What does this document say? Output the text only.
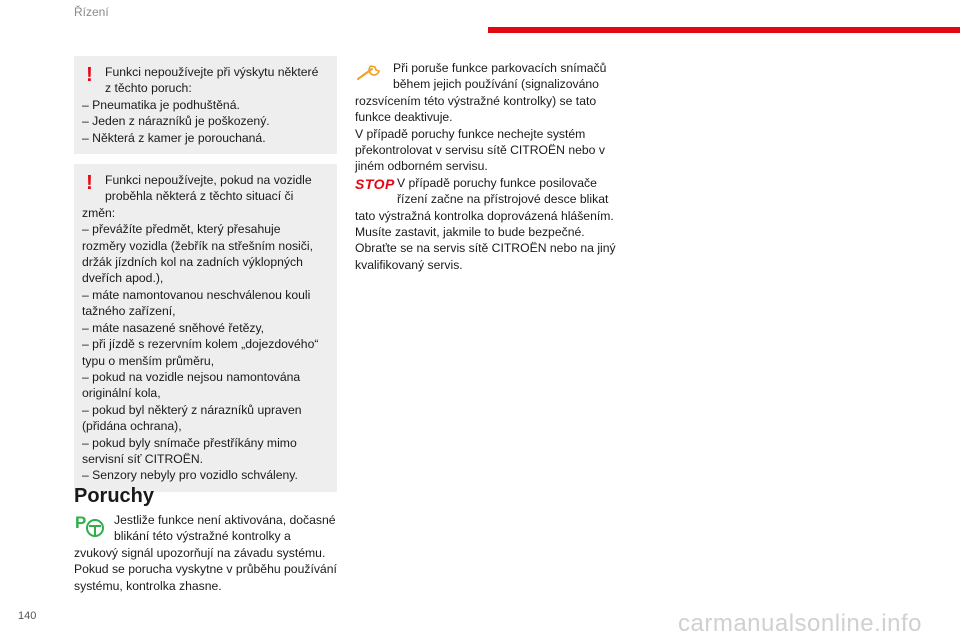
Řízení
! Funkci nepoužívejte při výskytu některé z těchto poruch:

– Pneumatika je podhuštěná.

– Jeden z nárazníků je poškozený.

– Některá z kamer je porouchaná.

! Funkci nepoužívejte, pokud na vozidle proběhla některá z těchto situací či změn:

– převážíte předmět, který přesahuje rozměry vozidla (žebřík na střešním nosiči, držák jízdních kol na zadních výklopných dveřích apod.),

– máte namontovanou neschválenou kouli tažného zařízení,

– máte nasazené sněhové řetězy,

– při jízdě s rezervním kolem „dojezdového“ typu o menším průměru,

– pokud na vozidle nejsou namontována originální kola,

– pokud byl některý z nárazníků upraven (přidána ochrana),

– pokud byly snímače přestříkány mimo servisní síť CITROËN.

– Senzory nebyly pro vozidlo schváleny.

Poruchy
P	Jestliže funkce není aktivována, dočasné blikání této výstražné kontrolky a zvukový signál upozorňují na závadu systému.

Pokud se porucha vyskytne v průběhu používání systému, kontrolka zhasne.

Při poruše funkce parkovacích snímačů během jejich používání (signalizováno rozsvícením této výstražné kontrolky) se tato funkce deaktivuje.

V případě poruchy funkce nechejte systém překontrolovat v servisu sítě CITROËN nebo v jiném odborném servisu.

STOP V případě poruchy funkce posilovače řízení začne na přístrojové desce blikat tato výstražná kontrolka doprovázená hlášením. Musíte zastavit, jakmile to bude bezpečné. Obraťte se na servis sítě CITROËN nebo na jiný kvalifikovaný servis.

140	carmanualsonline.info
